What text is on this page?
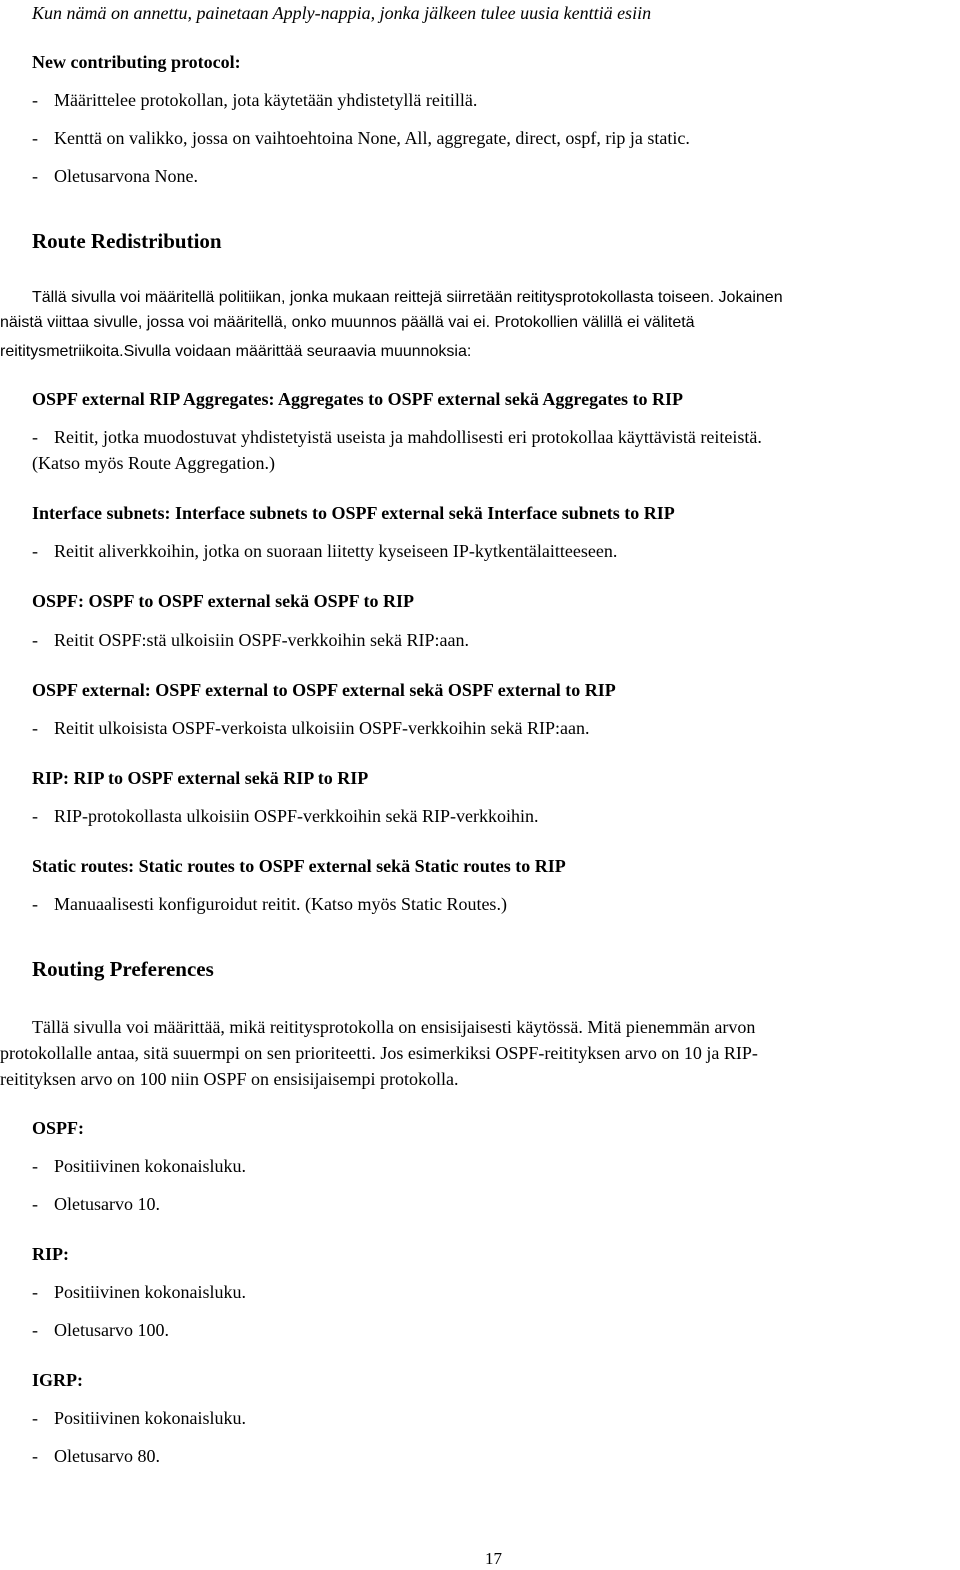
Kun nämä on annettu, painetaan Apply-nappia, jonka jälkeen tulee uusia kenttiä esiin
New contributing protocol:
- Määrittelee protokollan, jota käytetään yhdistetyllä reitillä.
- Kenttä on valikko, jossa on vaihtoehtoina None, All, aggregate, direct, ospf, rip ja static.
- Oletusarvona None.
Route Redistribution
Tällä sivulla voi määritellä politiikan, jonka mukaan reittejä siirretään reititysprotokollasta toiseen. Jokainen
näistä viittaa sivulle, jossa voi määritellä, onko muunnos päällä vai ei. Protokollien välillä ei välitetä
reititysmetriikoita.Sivulla voidaan määrittää seuraavia muunnoksia:
OSPF external RIP Aggregates: Aggregates to OSPF external sekä Aggregates to RIP
- Reitit, jotka muodostuvat yhdistetyistä useista ja mahdollisesti eri protokollaa käyttävistä reiteistä.
(Katso myös Route Aggregation.)
Interface subnets: Interface subnets to OSPF external sekä Interface subnets to RIP
- Reitit aliverkkoihin, jotka on suoraan liitetty kyseiseen IP-kytkentälaitteeseen.
OSPF: OSPF to OSPF external sekä OSPF to RIP
- Reitit OSPF:stä ulkoisiin OSPF-verkkoihin sekä RIP:aan.
OSPF external: OSPF external to OSPF external sekä OSPF external to RIP
- Reitit ulkoisista OSPF-verkoista ulkoisiin OSPF-verkkoihin sekä RIP:aan.
RIP: RIP to OSPF external sekä RIP to RIP
- RIP-protokollasta ulkoisiin OSPF-verkkoihin sekä RIP-verkkoihin.
Static routes: Static routes to OSPF external sekä Static routes to RIP
- Manuaalisesti konfiguroidut reitit. (Katso myös Static Routes.)
Routing Preferences
Tällä sivulla voi määrittää, mikä reititysprotokolla on ensisijaisesti käytössä. Mitä pienemmän arvon
protokollalle antaa, sitä suuermpi on sen prioriteetti. Jos esimerkiksi OSPF-reitityksen arvo on 10 ja RIP-
reitityksen arvo on 100 niin OSPF on ensisijaisempi protokolla.
OSPF:
- Positiivinen kokonaisluku.
- Oletusarvo 10.
RIP:
- Positiivinen kokonaisluku.
- Oletusarvo 100.
IGRP:
- Positiivinen kokonaisluku.
- Oletusarvo 80.
17
